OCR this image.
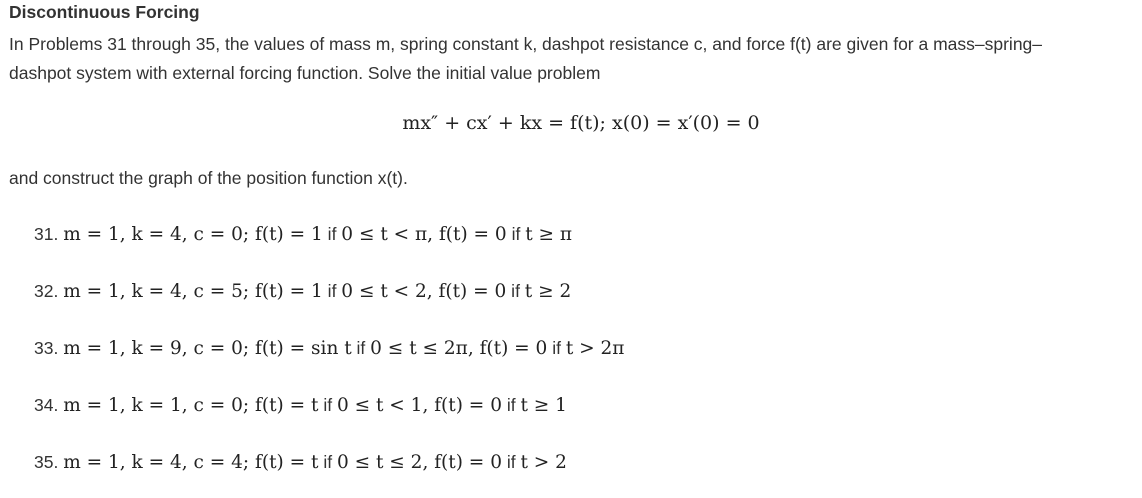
Discontinuous Forcing
In Problems 31 through 35, the values of mass m, spring constant k, dashpot resistance c, and force f(t) are given for a mass–spring–
dashpot system with external forcing function. Solve the initial value problem
mx″ + cx′ + kx = f(t); x(0) = x′(0) = 0
and construct the graph of the position function x(t).
31. m = 1, k = 4, c = 0; f(t) = 1 if 0 ≤ t < π, f(t) = 0 if t ≥ π
32. m = 1, k = 4, c = 5; f(t) = 1 if 0 ≤ t < 2, f(t) = 0 if t ≥ 2
33. m = 1, k = 9, c = 0; f(t) = sin t if 0 ≤ t ≤ 2π, f(t) = 0 if t > 2π
34. m = 1, k = 1, c = 0; f(t) = t if 0 ≤ t < 1, f(t) = 0 if t ≥ 1
35. m = 1, k = 4, c = 4; f(t) = t if 0 ≤ t ≤ 2, f(t) = 0 if t > 2
